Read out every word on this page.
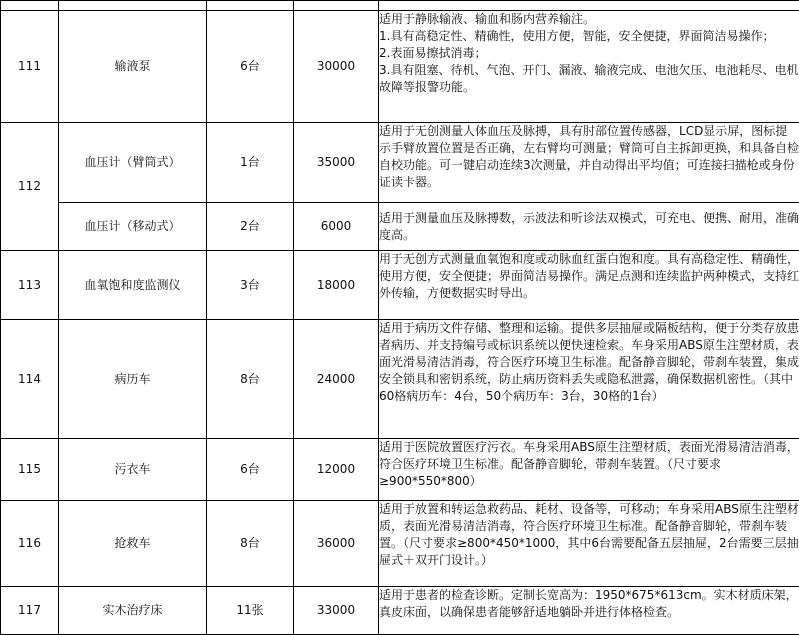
111	输液泵	6台	30000	适用于静脉输液、输血和肠内营养输注。
1.具有高稳定性、精确性，使用方便，智能，安全便捷，界面简洁易操作；
2.表面易擦拭消毒；
3.具有阻塞、待机、气泡、开门、漏液、输液完成、电池欠压、电池耗尽、电机故障等报警功能。

112	血压计（臂筒式）	1台	35000	适用于无创测量人体血压及脉搏，具有肘部位置传感器，LCD显示屏，图标提示手臂放置位置是否正确，左右臂均可测量；臂筒可自主拆卸更换，和具备自检自校功能。可一键启动连续3次测量，并自动得出平均值；可连接扫描枪或身份证读卡器。
	血压计（移动式）	2台	6000	适用于测量血压及脉搏数，示波法和听诊法双模式，可充电、便携、耐用，准确度高。
113	血氧饱和度监测仪	3台	18000	用于无创方式测量血氧饱和度或动脉血红蛋白饱和度。具有高稳定性、精确性，使用方便，安全便捷；界面简洁易操作。满足点测和连续监护两种模式，支持红外传输，方便数据实时导出。
114	病历车	8台	24000	适用于病历文件存储、整理和运输。提供多层抽屉或隔板结构，便于分类存放患者病历、并支持编号或标识系统以便快速检索。车身采用ABS原生注塑材质，表面光滑易清洁消毒，符合医疗环境卫生标准。配备静音脚轮，带刹车装置，集成安全锁具和密钥系统，防止病历资料丢失或隐私泄露，确保数据机密性。（其中60格病历车：4台，50个病历车：3台，30格的1台）
115	污衣车	6台	12000	适用于医院放置医疗污衣。车身采用ABS原生注塑材质，表面光滑易清洁消毒，符合医疗环境卫生标准。配备静音脚轮，带刹车装置。（尺寸要求≥900*550*800）
116	抢救车	8台	36000	适用于放置和转运急救药品、耗材、设备等，可移动；车身采用ABS原生注塑材质，表面光滑易清洁消毒，符合医疗环境卫生标准。配备静音脚轮，带刹车装置。（尺寸要求≥800*450*1000，其中6台需要配备五层抽屉，2台需要三层抽屉式＋双开门设计。）
117	实木治疗床	11张	33000	适用于患者的检查诊断。定制长宽高为：1950*675*613cm。实木材质床架，真皮床面，以确保患者能够舒适地躺卧并进行体格检查。
